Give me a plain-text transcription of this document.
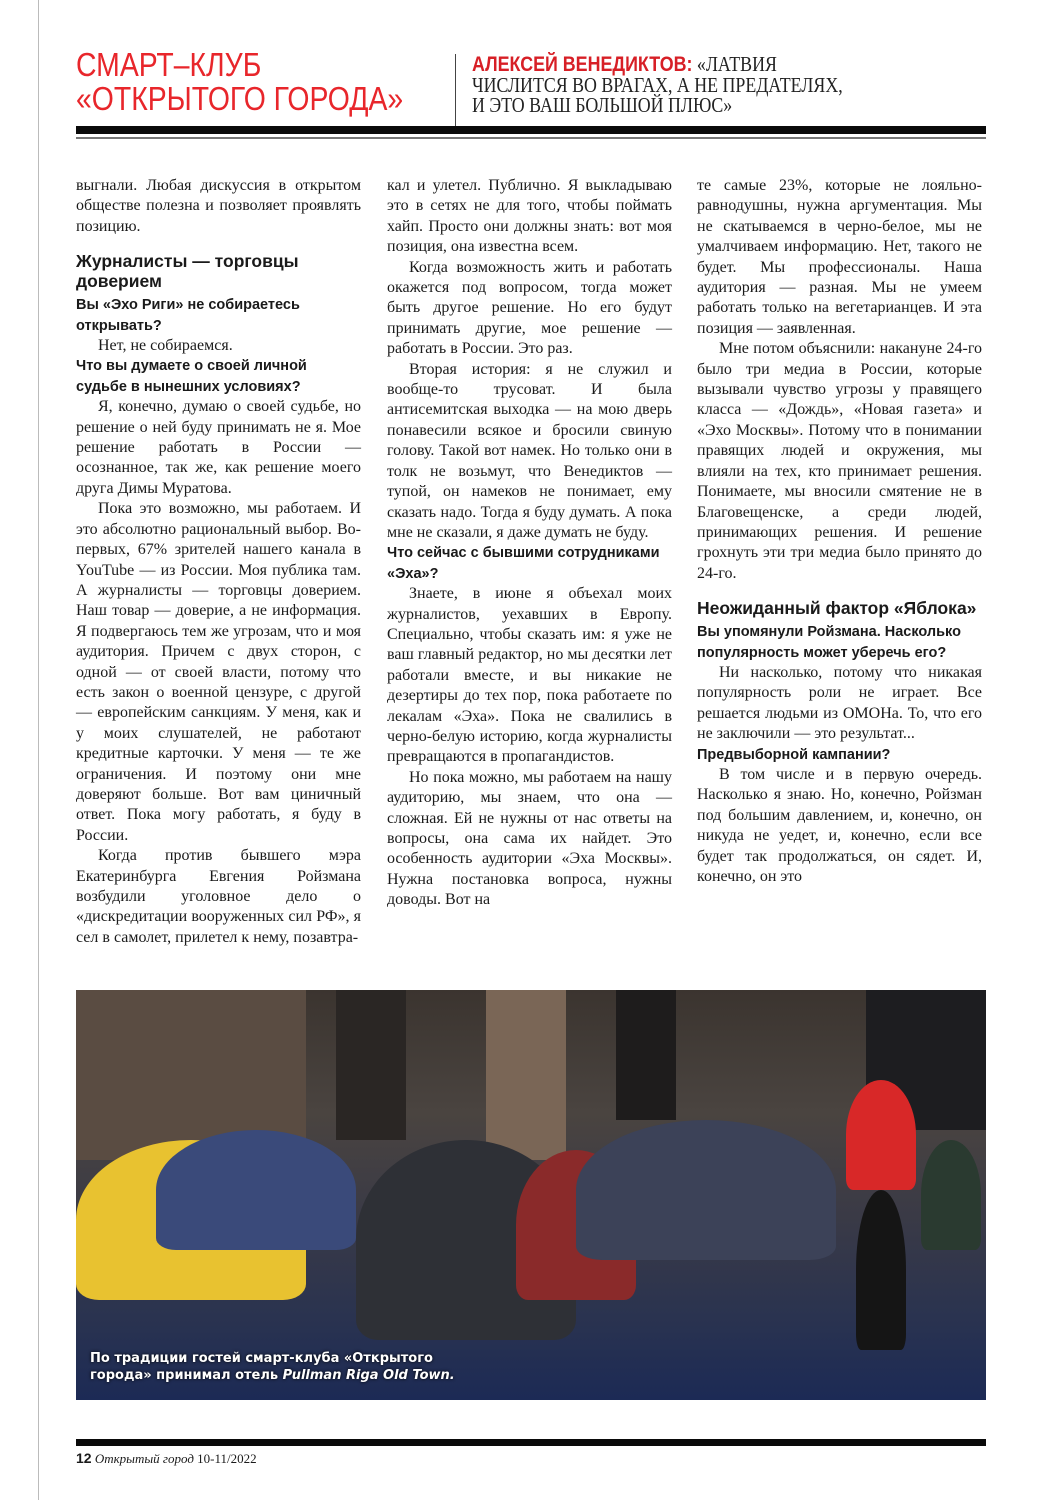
СМАРТ–КЛУБ
«ОТКРЫТОГО ГОРОДА»
АЛЕКСЕЙ ВЕНЕДИКТОВ: «ЛАТВИЯ
ЧИСЛИТСЯ ВО ВРАГАХ, А НЕ ПРЕДАТЕЛЯХ,
И ЭТО ВАШ БОЛЬШОЙ ПЛЮС»

выгнали. Любая дискуссия в открытом обществе полезна и позволяет проявлять позицию.

Журналисты — торговцы доверием

Вы «Эхо Риги» не собираетесь открывать?

Нет, не собираемся.

Что вы думаете о своей личной судьбе в нынешних условиях?

Я, конечно, думаю о своей судьбе, но решение о ней буду принимать не я. Мое решение работать в России — осознанное, так же, как решение моего друга Димы Муратова.

Пока это возможно, мы работаем. И это абсолютно рациональный выбор. Во-первых, 67% зрителей нашего канала в YouTube — из России. Моя публика там. А журналисты — торговцы доверием. Наш товар — доверие, а не информация. Я подвергаюсь тем же угрозам, что и моя аудитория. Причем с двух сторон, с одной — от своей власти, потому что есть закон о военной цензуре, с другой — европейским санкциям. У меня, как и у моих слушателей, не работают кредитные карточки. У меня — те же ограничения. И поэтому они мне доверяют больше. Вот вам циничный ответ. Пока могу работать, я буду в России.

Когда против бывшего мэра Екатеринбурга Евгения Ройзмана возбудили уголовное дело о «дискредитации вооруженных сил РФ», я сел в самолет, прилетел к нему, позавтра-

кал и улетел. Публично. Я выкладываю это в сетях не для того, чтобы поймать хайп. Просто они должны знать: вот моя позиция, она известна всем.

Когда возможность жить и работать окажется под вопросом, тогда может быть другое решение. Но его будут принимать другие, мое решение — работать в России. Это раз.

Вторая история: я не служил и вообще-то трусоват. И была антисемитская выходка — на мою дверь понавесили всякое и бросили свиную голову. Такой вот намек. Но только они в толк не возьмут, что Венедиктов — тупой, он намеков не понимает, ему сказать надо. Тогда я буду думать. А пока мне не сказали, я даже думать не буду.

Что сейчас с бывшими сотрудниками «Эха»?

Знаете, в июне я объехал моих журналистов, уехавших в Европу. Специально, чтобы сказать им: я уже не ваш главный редактор, но мы десятки лет работали вместе, и вы никакие не дезертиры до тех пор, пока работаете по лекалам «Эха». Пока не свалились в черно-белую историю, когда журналисты превращаются в пропагандистов.

Но пока можно, мы работаем на нашу аудиторию, мы знаем, что она — сложная. Ей не нужны от нас ответы на вопросы, она сама их найдет. Это особенность аудитории «Эха Москвы». Нужна постановка вопроса, нужны доводы. Вот на

те самые 23%, которые не лояльно-равнодушны, нужна аргументация. Мы не скатываемся в черно-белое, мы не умалчиваем информацию. Нет, такого не будет. Мы профессионалы. Наша аудитория — разная. Мы не умеем работать только на вегетарианцев. И эта позиция — заявленная.

Мне потом объяснили: накануне 24-го было три медиа в России, которые вызывали чувство угрозы у правящего класса — «Дождь», «Новая газета» и «Эхо Москвы». Потому что в понимании правящих людей и окружения, мы влияли на тех, кто принимает решения. Понимаете, мы вносили смятение не в Благовещенске, а среди людей, принимающих решения. И решение грохнуть эти три медиа было принято до 24-го.

Неожиданный фактор «Яблока»

Вы упомянули Ройзмана. Насколько популярность может уберечь его?

Ни насколько, потому что никакая популярность роли не играет. Все решается людьми из ОМОНа. То, что его не заключили — это результат...

Предвыборной кампании?

В том числе и в первую очередь. Насколько я знаю. Но, конечно, Ройзман под большим давлением, и, конечно, он никуда не уедет, и, конечно, если все будет так продолжаться, он сядет. И, конечно, он это

По традиции гостей смарт-клуба «Открытого
города» принимал отель Pullman Riga Old Town.
12 Открытый город 10-11/2022
